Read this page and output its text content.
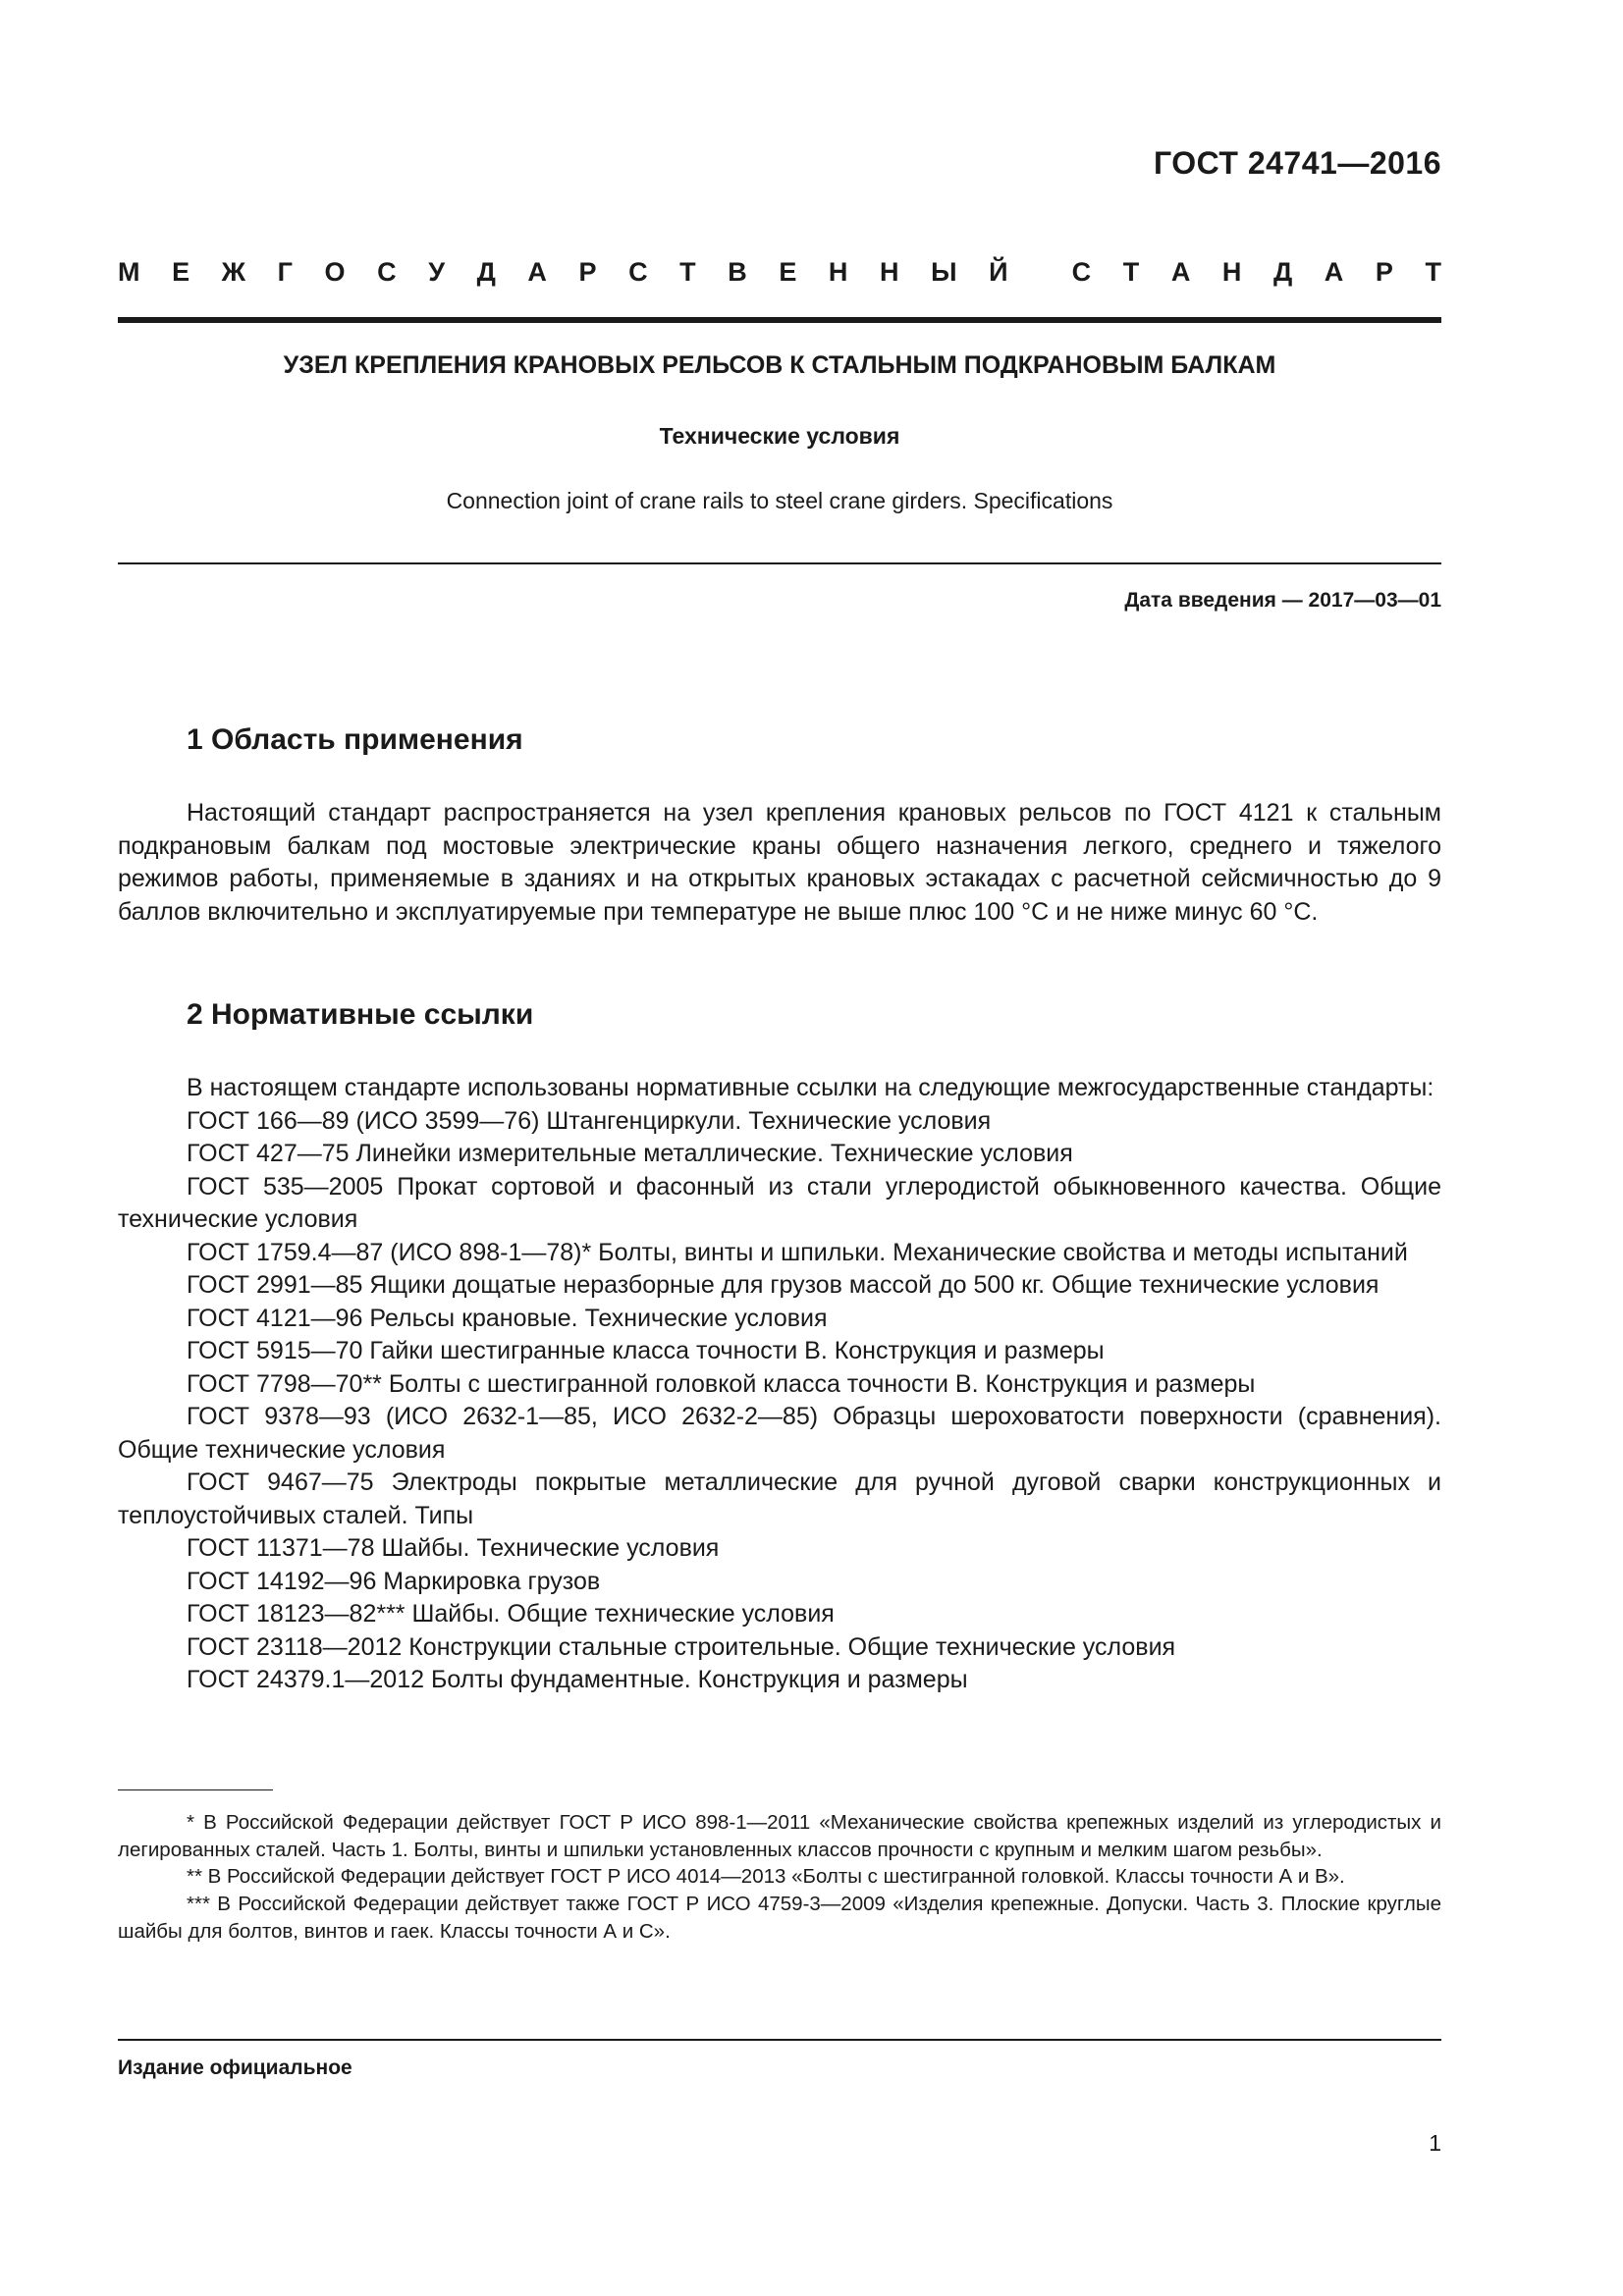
ГОСТ 24741—2016
М Е Ж Г О С У Д А Р С Т В Е Н Н Ы Й С Т А Н Д А Р Т
УЗЕЛ КРЕПЛЕНИЯ КРАНОВЫХ РЕЛЬСОВ К СТАЛЬНЫМ ПОДКРАНОВЫМ БАЛКАМ
Технические условия
Connection joint of crane rails to steel crane girders. Specifications
Дата введения — 2017—03—01
1 Область применения

Настоящий стандарт распространяется на узел крепления крановых рельсов по ГОСТ 4121 к стальным подкрановым балкам под мостовые электрические краны общего назначения легкого, среднего и тяжелого режимов работы, применяемые в зданиях и на открытых крановых эстакадах с расчетной сейсмичностью до 9 баллов включительно и эксплуатируемые при температуре не выше плюс 100 °С и не ниже минус 60 °С.

2 Нормативные ссылки

В настоящем стандарте использованы нормативные ссылки на следующие межгосударственные стандарты:

ГОСТ 166—89 (ИСО 3599—76) Штангенциркули. Технические условия

ГОСТ 427—75 Линейки измерительные металлические. Технические условия

ГОСТ 535—2005 Прокат сортовой и фасонный из стали углеродистой обыкновенного качества. Общие технические условия

ГОСТ 1759.4—87 (ИСО 898-1—78)* Болты, винты и шпильки. Механические свойства и методы испытаний

ГОСТ 2991—85 Ящики дощатые неразборные для грузов массой до 500 кг. Общие технические условия

ГОСТ 4121—96 Рельсы крановые. Технические условия

ГОСТ 5915—70 Гайки шестигранные класса точности В. Конструкция и размеры

ГОСТ 7798—70** Болты с шестигранной головкой класса точности В. Конструкция и размеры

ГОСТ 9378—93 (ИСО 2632-1—85, ИСО 2632-2—85) Образцы шероховатости поверхности (сравнения). Общие технические условия

ГОСТ 9467—75 Электроды покрытые металлические для ручной дуговой сварки конструкционных и теплоустойчивых сталей. Типы

ГОСТ 11371—78 Шайбы. Технические условия

ГОСТ 14192—96 Маркировка грузов

ГОСТ 18123—82*** Шайбы. Общие технические условия

ГОСТ 23118—2012 Конструкции стальные строительные. Общие технические условия

ГОСТ 24379.1—2012 Болты фундаментные. Конструкция и размеры

* В Российской Федерации действует ГОСТ Р ИСО 898-1—2011 «Механические свойства крепежных изделий из углеродистых и легированных сталей. Часть 1. Болты, винты и шпильки установленных классов прочности с крупным и мелким шагом резьбы».

** В Российской Федерации действует ГОСТ Р ИСО 4014—2013 «Болты с шестигранной головкой. Классы точности А и В».

*** В Российской Федерации действует также ГОСТ Р ИСО 4759-3—2009 «Изделия крепежные. Допуски. Часть 3. Плоские круглые шайбы для болтов, винтов и гаек. Классы точности А и С».

Издание официальное
1
